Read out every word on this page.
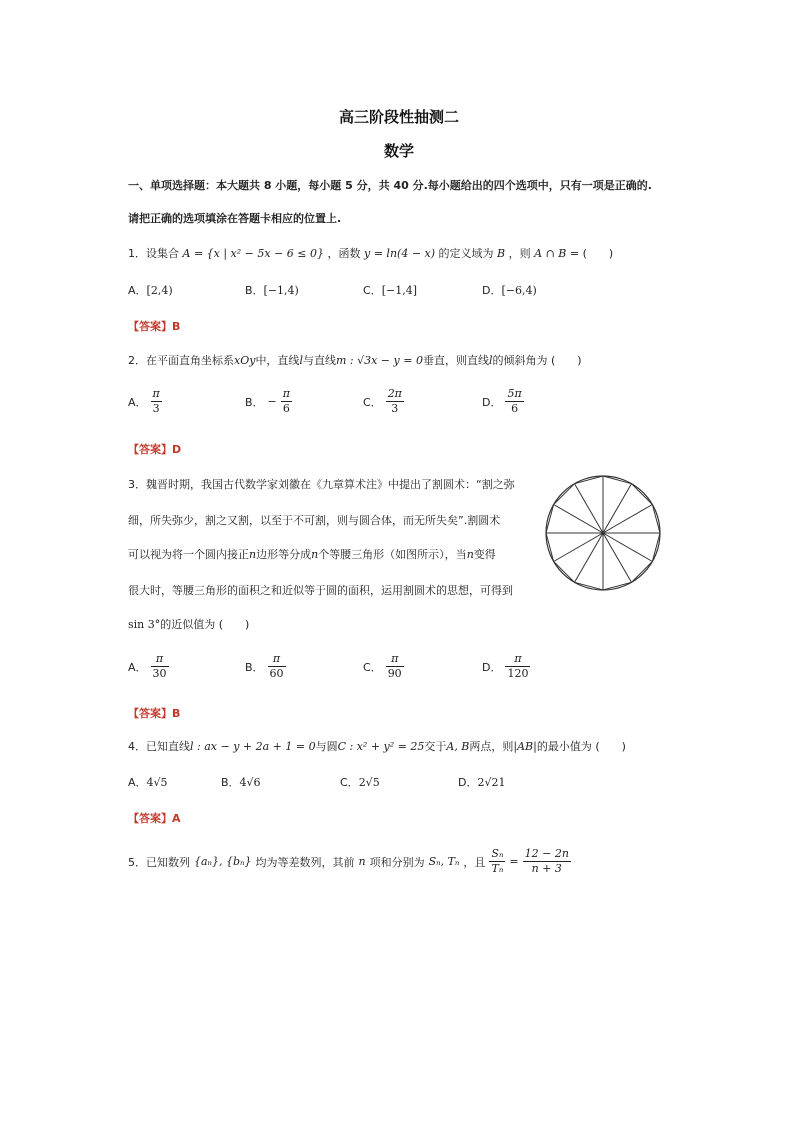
高三阶段性抽测二
数学
一、单项选择题：本大题共 8 小题，每小题 5 分，共 40 分.每小题给出的四个选项中，只有一项是正确的.
请把正确的选项填涂在答题卡相应的位置上.
1．设集合 A = {x | x² − 5x − 6 ≤ 0} ，函数 y = ln(4 − x) 的定义域为 B ，则 A ∩ B = (　　)
A．[2,4)	B．[−1,4)	C．[−1,4]	D．[−6,4)
【答案】B
2．在平面直角坐标系xOy中，直线l与直线m : √3x − y = 0垂直，则直线l的倾斜角为 (　　)
A． $\frac{\pi}{3}$	B． − $\frac{\pi}{6}$	C． $\frac{2\pi}{3}$	D． $\frac{5\pi}{6}$
【答案】D
3．魏晋时期，我国古代数学家刘徽在《九章算术注》中提出了割圆术：“割之弥
细，所失弥少，割之又割，以至于不可割，则与圆合体，而无所失矣”.割圆术
可以视为将一个圆内接正n边形等分成n个等腰三角形（如图所示），当n变得
很大时，等腰三角形的面积之和近似等于圆的面积，运用割圆术的思想，可得到
sin 3°的近似值为 (　　)
A． $\frac{\pi}{30}$	B． $\frac{\pi}{60}$	C． $\frac{\pi}{90}$	D． $\frac{\pi}{120}$
【答案】B
4．已知直线l : ax − y + 2a + 1 = 0与圆C : x² + y² = 25交于A, B两点，则|AB|的最小值为 (　　)
A．4√5	B．4√6	C．2√5	D．2√21
【答案】A
5．已知数列 {aₙ}, {bₙ} 均为等差数列，其前 n 项和分别为 Sₙ, Tₙ ，且 $\frac{\text{Sₙ}}{\text{Tₙ}} = \frac{12 - 2n}{n + 3}$
